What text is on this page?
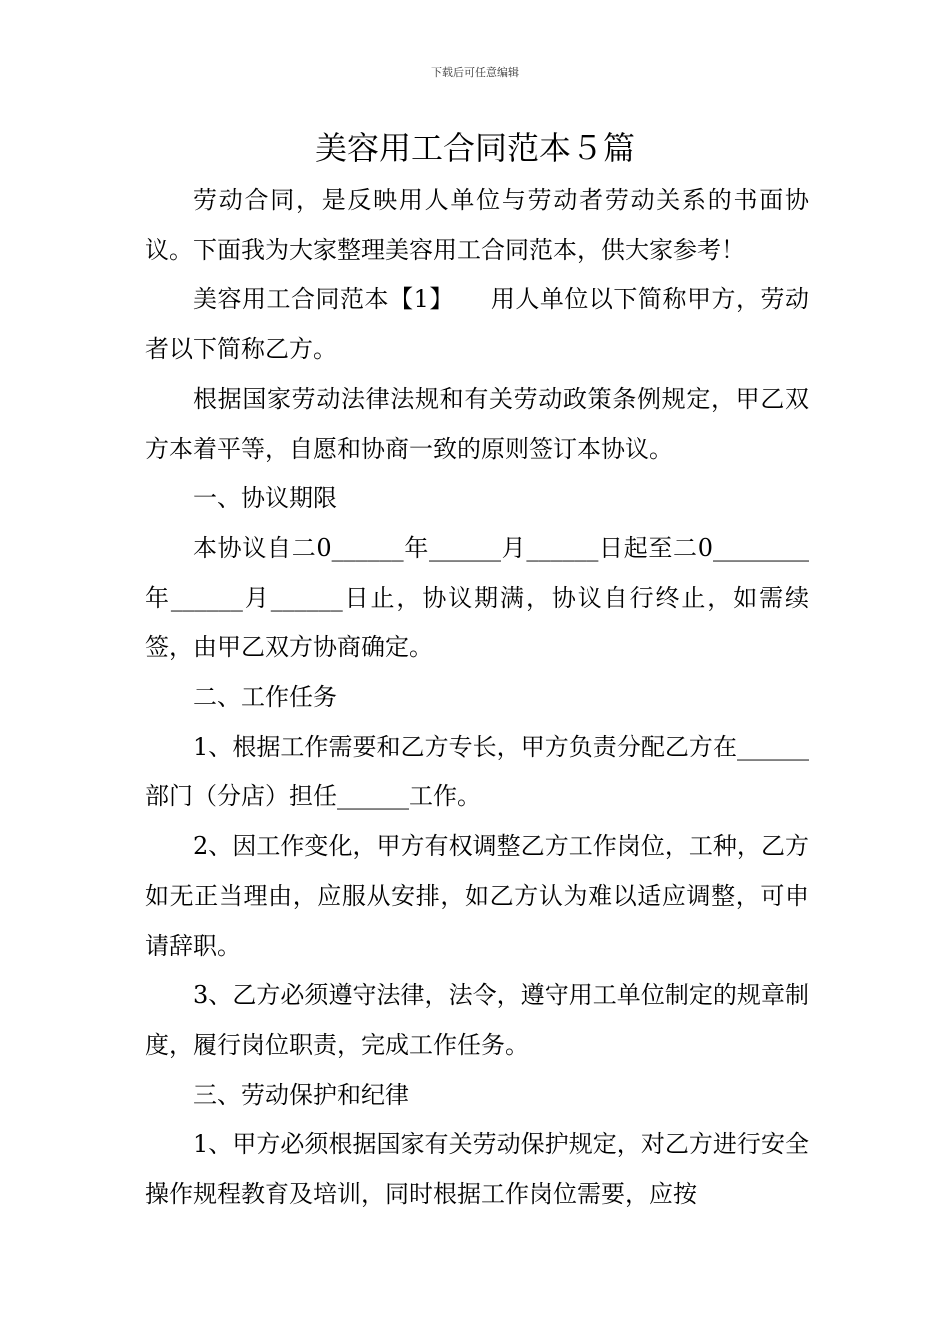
下载后可任意编辑
美容用工合同范本５篇

劳动合同，是反映用人单位与劳动者劳动关系的书面协议。下面我为大家整理美容用工合同范本，供大家参考！

美容用工合同范本【1】　　用人单位以下简称甲方，劳动者以下简称乙方。

根据国家劳动法律法规和有关劳动政策条例规定，甲乙双方本着平等，自愿和协商一致的原则签订本协议。

一、协议期限

本协议自二0______年______月______日起至二0________年______月______日止，协议期满，协议自行终止，如需续签，由甲乙双方协商确定。

二、工作任务

1、根据工作需要和乙方专长，甲方负责分配乙方在______部门（分店）担任______工作。

2、因工作变化，甲方有权调整乙方工作岗位，工种，乙方如无正当理由，应服从安排，如乙方认为难以适应调整，可申请辞职。

3、乙方必须遵守法律，法令，遵守用工单位制定的规章制度，履行岗位职责，完成工作任务。

三、劳动保护和纪律

1、甲方必须根据国家有关劳动保护规定，对乙方进行安全操作规程教育及培训，同时根据工作岗位需要，应按
